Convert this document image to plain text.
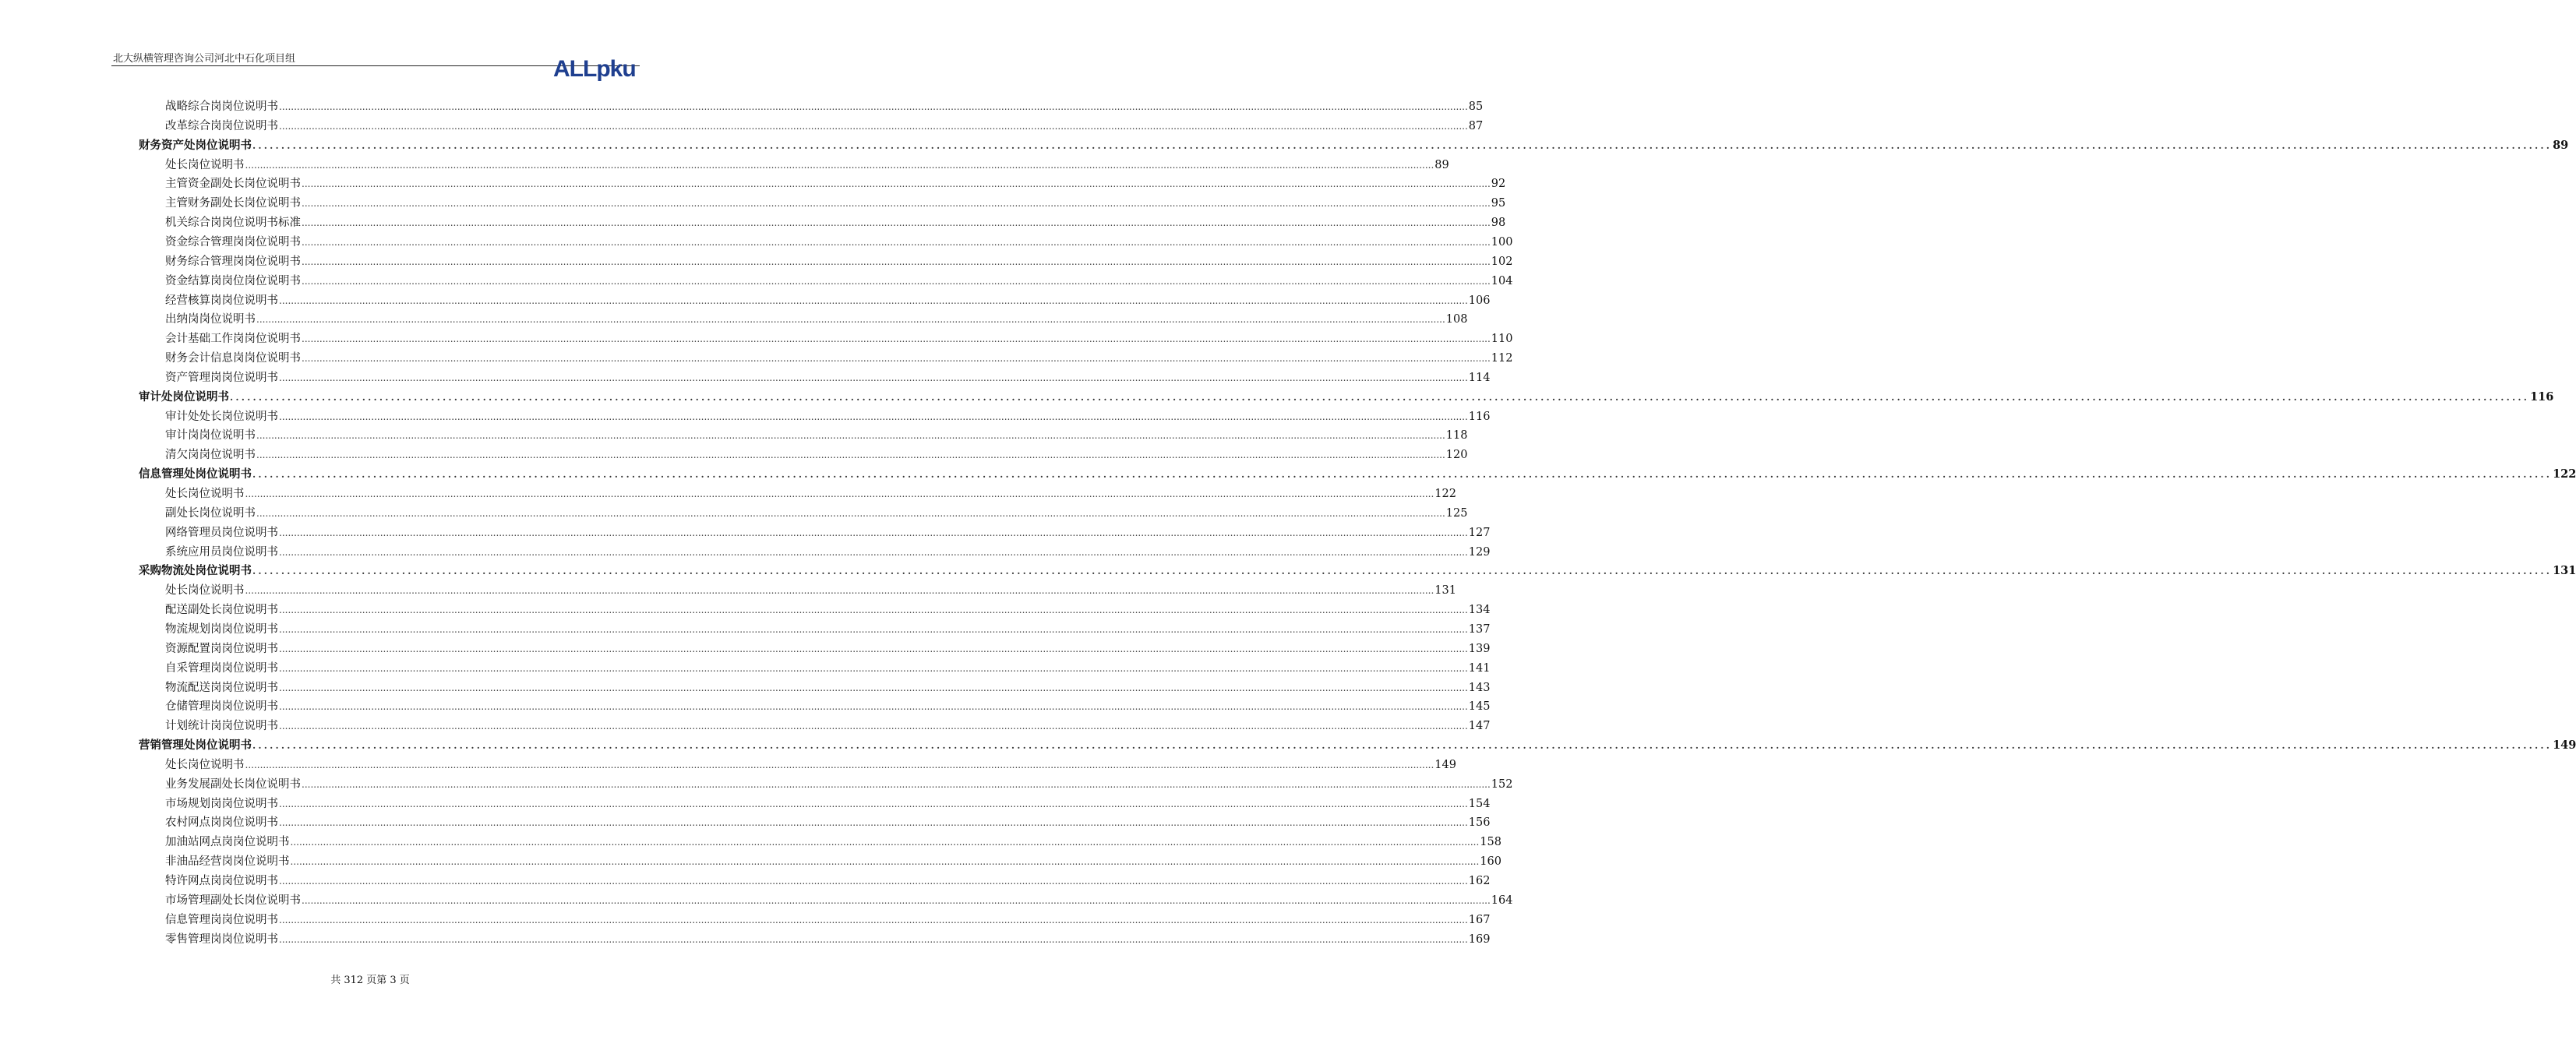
北大纵横管理咨询公司河北中石化项目组	ALLpku
战略综合岗岗位说明书 ................................................................................................................................................................................................................................................................................................................................................................................................................ 85
改革综合岗岗位说明书 ................................................................................................................................................................................................................................................................................................................................................................................................................ 87
财务资产处岗位说明书 ................................................................................................................................................................................................................................................................................................................................................................................................................ 89
处长岗位说明书 ................................................................................................................................................................................................................................................................................................................................................................................................................ 89
主管资金副处长岗位说明书 ................................................................................................................................................................................................................................................................................................................................................................................................................ 92
主管财务副处长岗位说明书 ................................................................................................................................................................................................................................................................................................................................................................................................................ 95
机关综合岗岗位说明书标准 ................................................................................................................................................................................................................................................................................................................................................................................................................ 98
资金综合管理岗岗位说明书 ................................................................................................................................................................................................................................................................................................................................................................................................................ 100
财务综合管理岗岗位说明书 ................................................................................................................................................................................................................................................................................................................................................................................................................ 102
资金结算岗岗位岗位说明书 ................................................................................................................................................................................................................................................................................................................................................................................................................ 104
经营核算岗岗位说明书 ................................................................................................................................................................................................................................................................................................................................................................................................................ 106
出纳岗岗位说明书 ................................................................................................................................................................................................................................................................................................................................................................................................................ 108
会计基础工作岗岗位说明书 ................................................................................................................................................................................................................................................................................................................................................................................................................ 110
财务会计信息岗岗位说明书 ................................................................................................................................................................................................................................................................................................................................................................................................................ 112
资产管理岗岗位说明书 ................................................................................................................................................................................................................................................................................................................................................................................................................ 114
审计处岗位说明书 ................................................................................................................................................................................................................................................................................................................................................................................................................ 116
审计处处长岗位说明书 ................................................................................................................................................................................................................................................................................................................................................................................................................ 116
审计岗岗位说明书 ................................................................................................................................................................................................................................................................................................................................................................................................................ 118
清欠岗岗位说明书 ................................................................................................................................................................................................................................................................................................................................................................................................................ 120
信息管理处岗位说明书 ................................................................................................................................................................................................................................................................................................................................................................................................................ 122
处长岗位说明书 ................................................................................................................................................................................................................................................................................................................................................................................................................ 122
副处长岗位说明书 ................................................................................................................................................................................................................................................................................................................................................................................................................ 125
网络管理员岗位说明书 ................................................................................................................................................................................................................................................................................................................................................................................................................ 127
系统应用员岗位说明书 ................................................................................................................................................................................................................................................................................................................................................................................................................ 129
采购物流处岗位说明书 ................................................................................................................................................................................................................................................................................................................................................................................................................ 131
处长岗位说明书 ................................................................................................................................................................................................................................................................................................................................................................................................................ 131
配送副处长岗位说明书 ................................................................................................................................................................................................................................................................................................................................................................................................................ 134
物流规划岗岗位说明书 ................................................................................................................................................................................................................................................................................................................................................................................................................ 137
资源配置岗岗位说明书 ................................................................................................................................................................................................................................................................................................................................................................................................................ 139
自采管理岗岗位说明书 ................................................................................................................................................................................................................................................................................................................................................................................................................ 141
物流配送岗岗位说明书 ................................................................................................................................................................................................................................................................................................................................................................................................................ 143
仓储管理岗岗位说明书 ................................................................................................................................................................................................................................................................................................................................................................................................................ 145
计划统计岗岗位说明书 ................................................................................................................................................................................................................................................................................................................................................................................................................ 147
营销管理处岗位说明书 ................................................................................................................................................................................................................................................................................................................................................................................................................ 149
处长岗位说明书 ................................................................................................................................................................................................................................................................................................................................................................................................................ 149
业务发展副处长岗位说明书 ................................................................................................................................................................................................................................................................................................................................................................................................................ 152
市场规划岗岗位说明书 ................................................................................................................................................................................................................................................................................................................................................................................................................ 154
农村网点岗岗位说明书 ................................................................................................................................................................................................................................................................................................................................................................................................................ 156
加油站网点岗岗位说明书 ................................................................................................................................................................................................................................................................................................................................................................................................................ 158
非油品经营岗岗位说明书 ................................................................................................................................................................................................................................................................................................................................................................................................................ 160
特许网点岗岗位说明书 ................................................................................................................................................................................................................................................................................................................................................................................................................ 162
市场管理副处长岗位说明书 ................................................................................................................................................................................................................................................................................................................................................................................................................ 164
信息管理岗岗位说明书 ................................................................................................................................................................................................................................................................................................................................................................................................................ 167
零售管理岗岗位说明书 ................................................................................................................................................................................................................................................................................................................................................................................................................ 169
共 312 页第 3 页
